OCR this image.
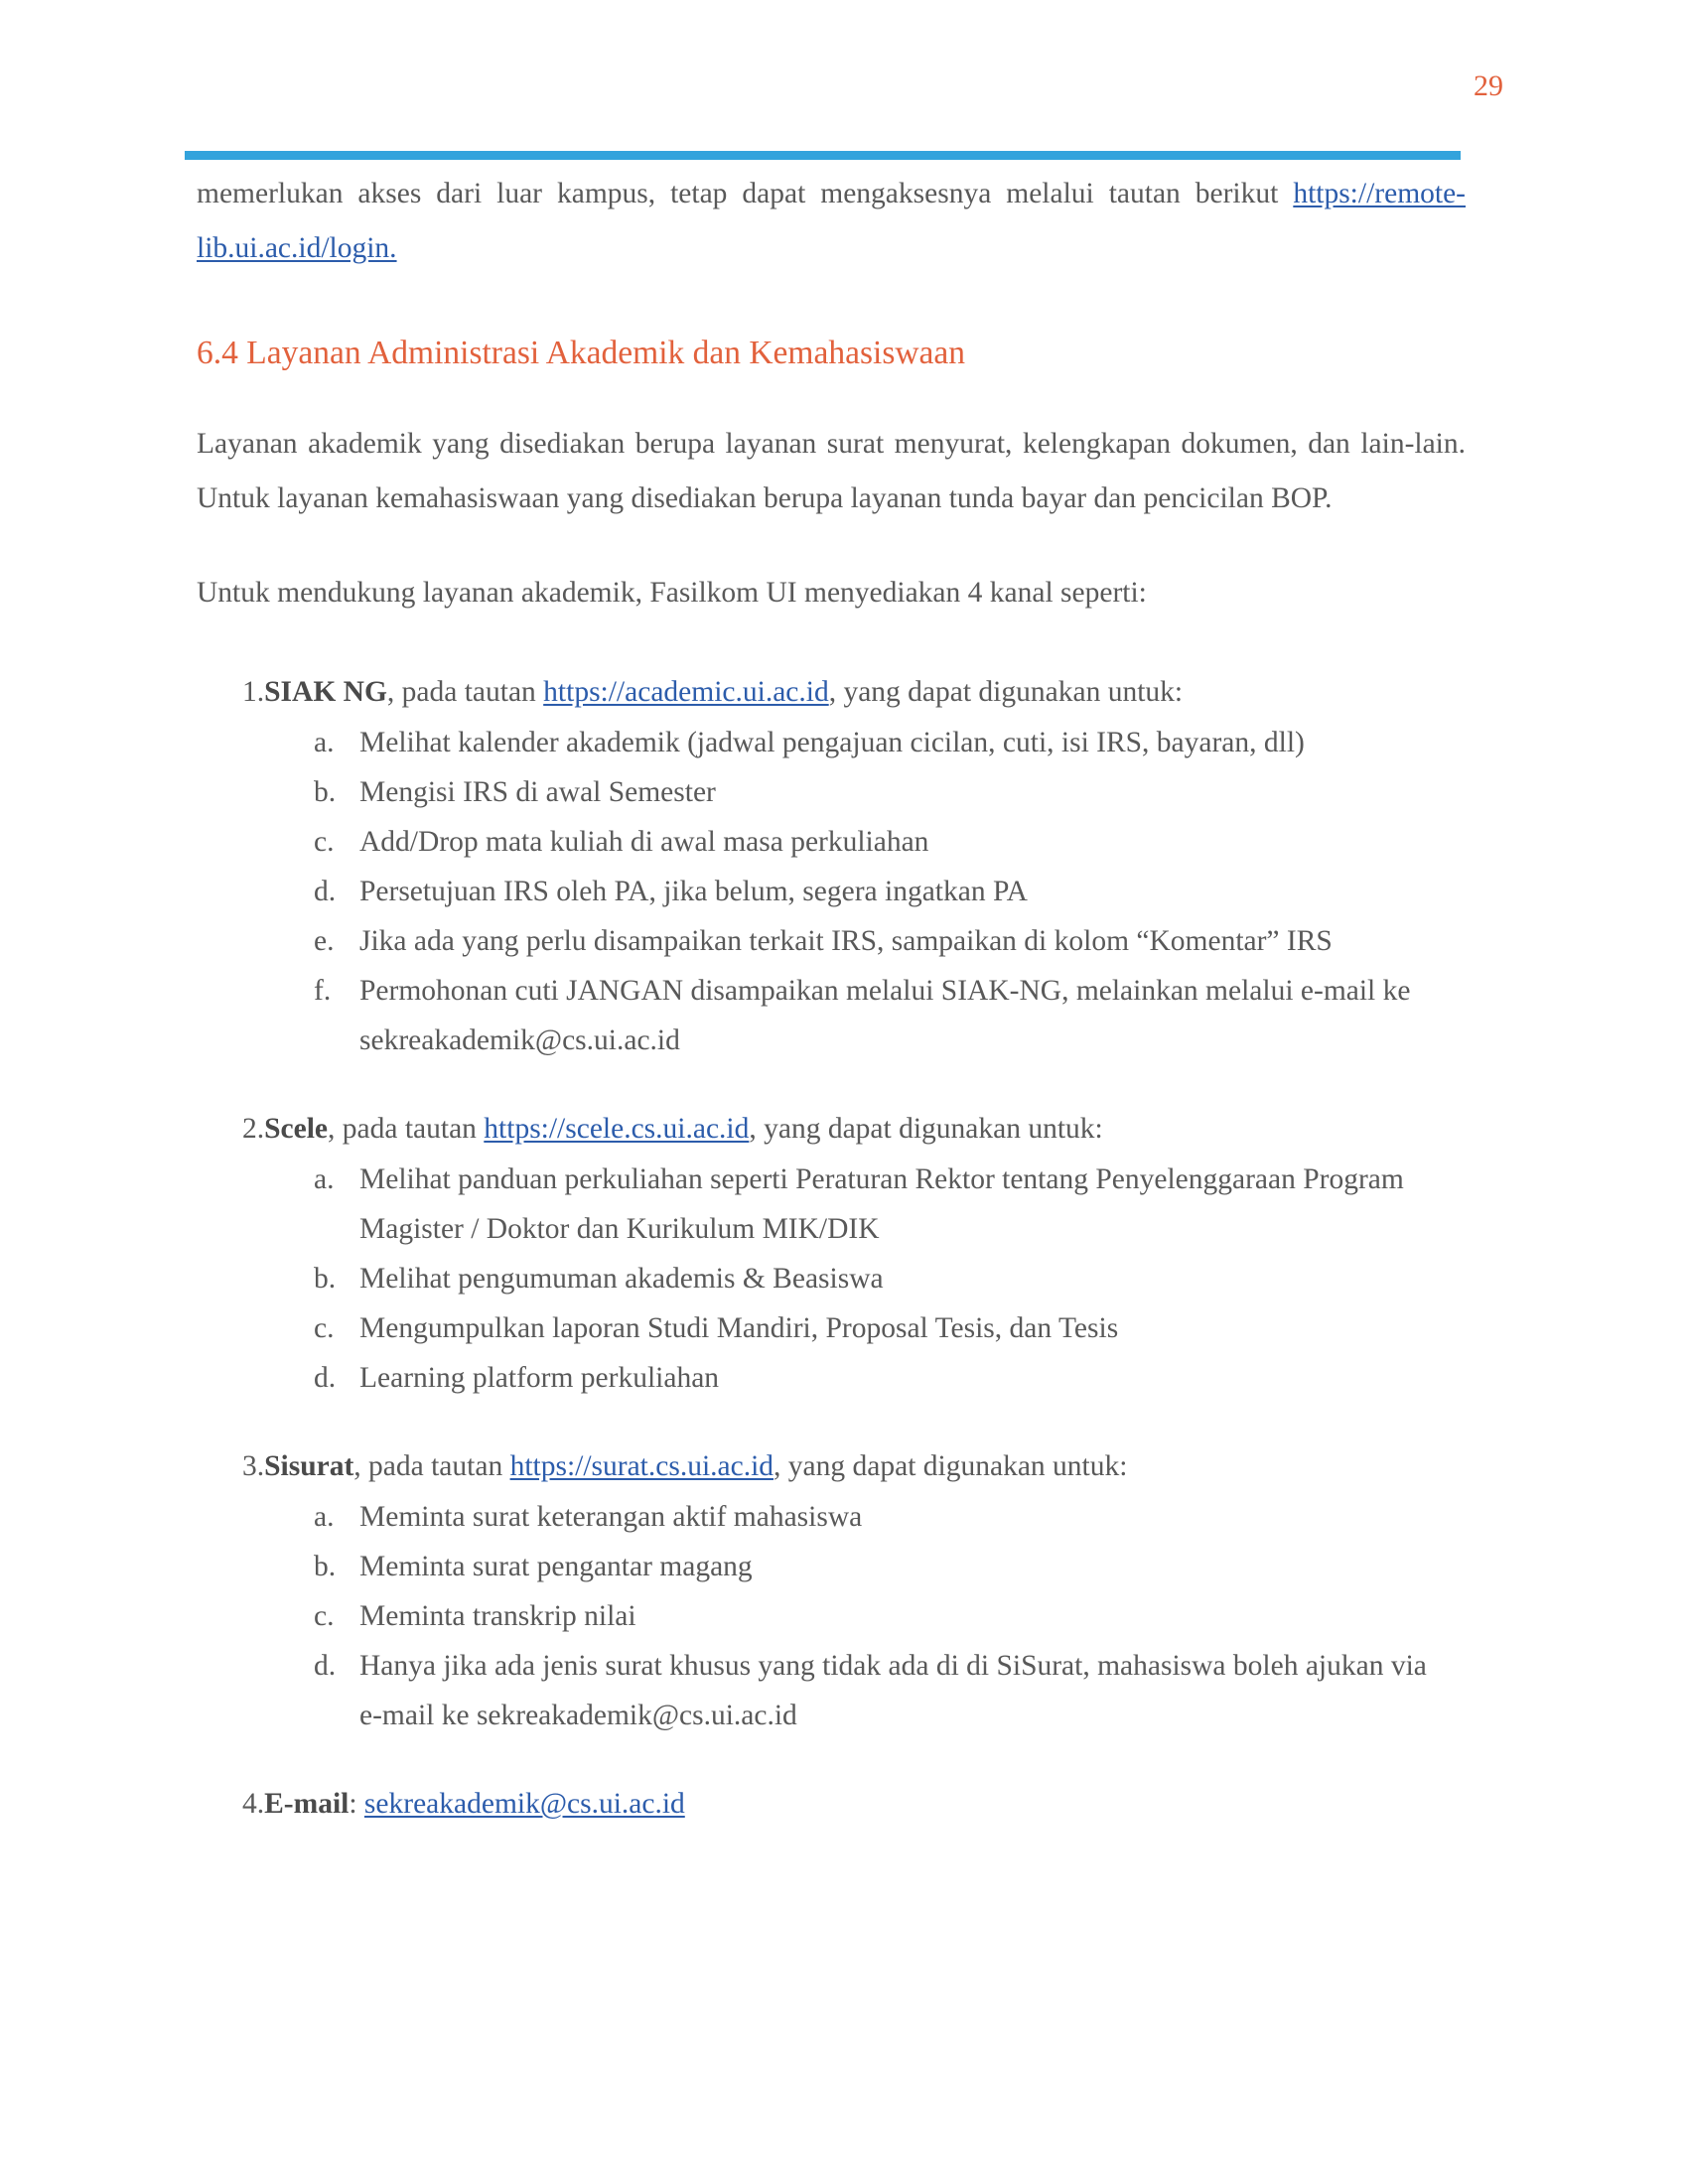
29

memerlukan akses dari luar kampus, tetap dapat mengaksesnya melalui tautan berikut https://remote-lib.ui.ac.id/login.

6.4 Layanan Administrasi Akademik dan Kemahasiswaan

Layanan akademik yang disediakan berupa layanan surat menyurat, kelengkapan dokumen, dan lain-lain. Untuk layanan kemahasiswaan yang disediakan berupa layanan tunda bayar dan pencicilan BOP.

Untuk mendukung layanan akademik, Fasilkom UI menyediakan 4 kanal seperti:

1.SIAK NG, pada tautan https://academic.ui.ac.id, yang dapat digunakan untuk:
a. Melihat kalender akademik (jadwal pengajuan cicilan, cuti, isi IRS, bayaran, dll)
b. Mengisi IRS di awal Semester
c. Add/Drop mata kuliah di awal masa perkuliahan
d. Persetujuan IRS oleh PA, jika belum, segera ingatkan PA
e. Jika ada yang perlu disampaikan terkait IRS, sampaikan di kolom “Komentar” IRS
f. Permohonan cuti JANGAN disampaikan melalui SIAK-NG, melainkan melalui e-mail ke sekreakademik@cs.ui.ac.id
2.Scele, pada tautan https://scele.cs.ui.ac.id, yang dapat digunakan untuk:
a. Melihat panduan perkuliahan seperti Peraturan Rektor tentang Penyelenggaraan Program Magister / Doktor dan Kurikulum MIK/DIK
b. Melihat pengumuman akademis & Beasiswa
c. Mengumpulkan laporan Studi Mandiri, Proposal Tesis, dan Tesis
d. Learning platform perkuliahan
3.Sisurat, pada tautan https://surat.cs.ui.ac.id, yang dapat digunakan untuk:
a. Meminta surat keterangan aktif mahasiswa
b. Meminta surat pengantar magang
c. Meminta transkrip nilai
d. Hanya jika ada jenis surat khusus yang tidak ada di di SiSurat, mahasiswa boleh ajukan via e-mail ke sekreakademik@cs.ui.ac.id
4.E-mail: sekreakademik@cs.ui.ac.id
